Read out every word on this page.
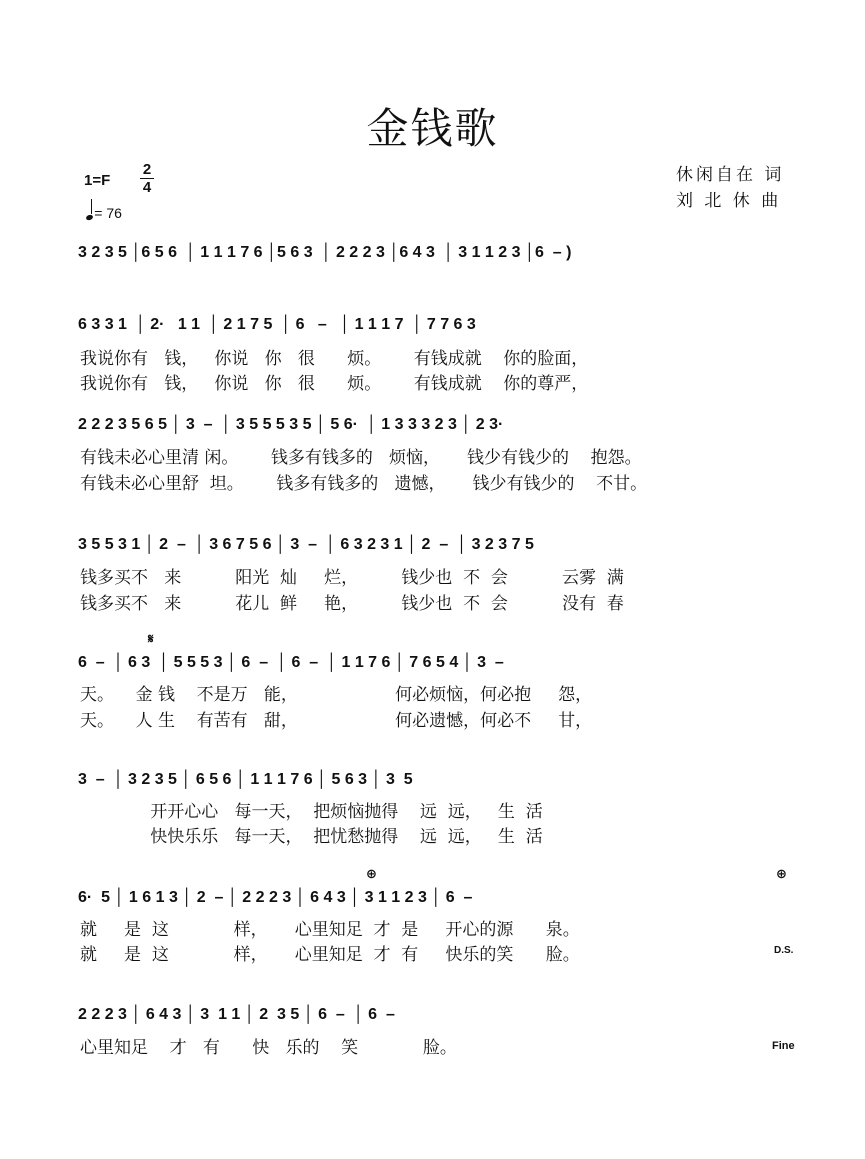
金钱歌
休闲自在 词
刘 北 休 曲
1=F
2
4
= 76
3 2 3 5 │6 5 6  │ 1 1 1 7 6 │5 6 3  │ 2 2 2 3 │6 4 3  │ 3 1 1 2 3 │6  – )
6 3 3 1  │ 2·   1 1  │ 2 1 7 5  │ 6   –   │ 1 1 1 7  │ 7 7 6 3
我说你有   钱，   你说   你   很      烦。      有钱成就    你的脸面，
我说你有   钱，   你说   你   很      烦。      有钱成就    你的尊严，
2 2 2 3 5 6 5 │ 3  –  │ 3 5 5 5 3 5 │ 5 6·  │ 1 3 3 3 2 3 │ 2 3·
有钱未必心里清 闲。      钱多有钱多的   烦恼，     钱少有钱少的    抱怨。
有钱未必心里舒  坦。      钱多有钱多的   遗憾，     钱少有钱少的    不甘。
3 5 5 3 1 │ 2  –  │ 3 6 7 5 6 │ 3  –  │ 6 3 2 3 1 │ 2  –  │ 3 2 3 7 5
钱多买不   来          阳光  灿     烂，        钱少也  不  会          云雾  满
钱多买不   来          花儿  鲜     艳，        钱少也  不  会          没有  春
𝄋
6  –  │ 6 3  │ 5 5 5 3 │ 6  –  │ 6  –  │ 1 1 7 6 │ 7 6 5 4 │ 3  –
天。    金 钱    不是万   能，                  何必烦恼，何必抱     怨，
天。    人 生    有苦有   甜，                  何必遗憾，何必不     甘，
3  –  │ 3 2 3 5 │ 6 5 6 │ 1 1 1 7 6 │ 5 6 3 │ 3  5
开开心心   每一天，  把烦恼抛得    远  远，   生  活
快快乐乐   每一天，  把忧愁抛得    远  远，   生  活
⊕	⊕
6·  5 │ 1 6 1 3 │ 2  – │ 2 2 2 3 │ 6 4 3 │ 3 1 1 2 3 │ 6  –
就     是  这            样，     心里知足  才  是     开心的源      泉。
就     是  这            样，     心里知足  才  有     快乐的笑      脸。	D.S.
2 2 2 3 │ 6 4 3 │ 3  1 1 │ 2  3 5 │ 6  –  │ 6  –
心里知足    才   有      快   乐的    笑            脸。	Fine
